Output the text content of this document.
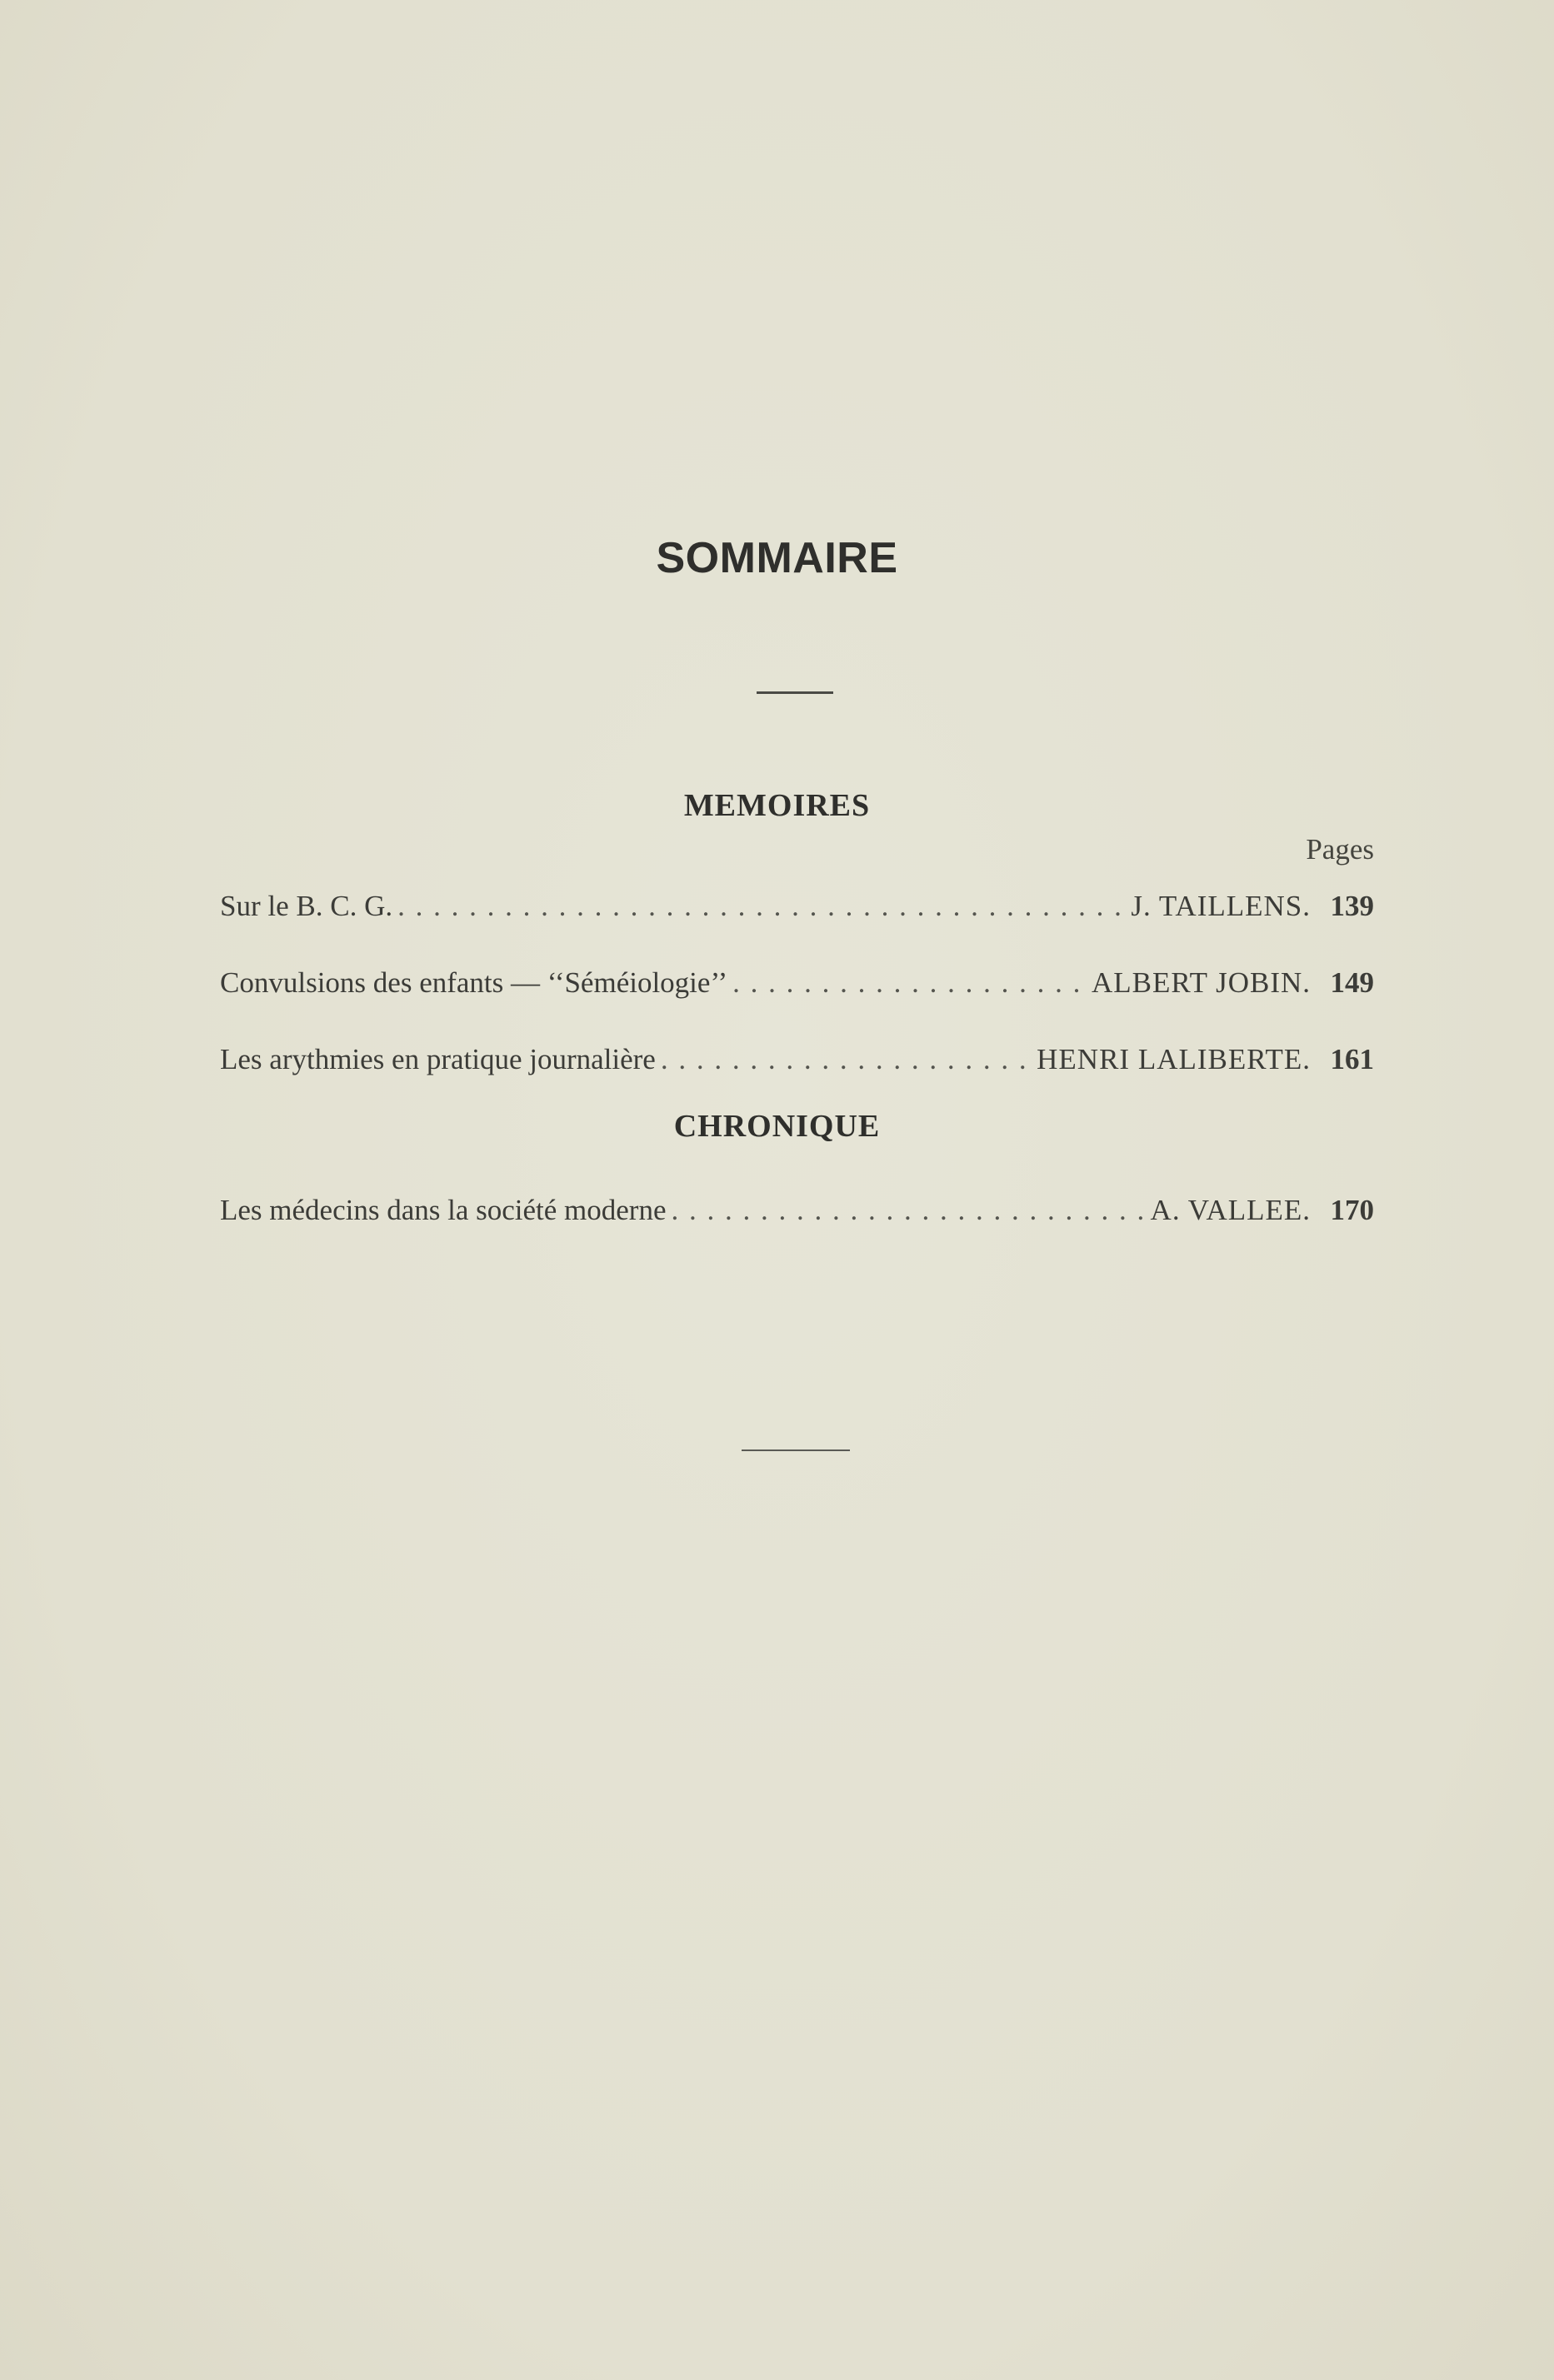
SOMMAIRE
MEMOIRES
Pages
Sur le B. C. G. . . .	J. TAILLENS. 139
Convulsions des enfants — ‘‘Séméiologie’’ . . .	ALBERT JOBIN. 149
Les arythmies en pratique journalière . . .	HENRI LALIBERTE. 161
CHRONIQUE
Les médecins dans la société moderne . . .	A. VALLEE. 170
